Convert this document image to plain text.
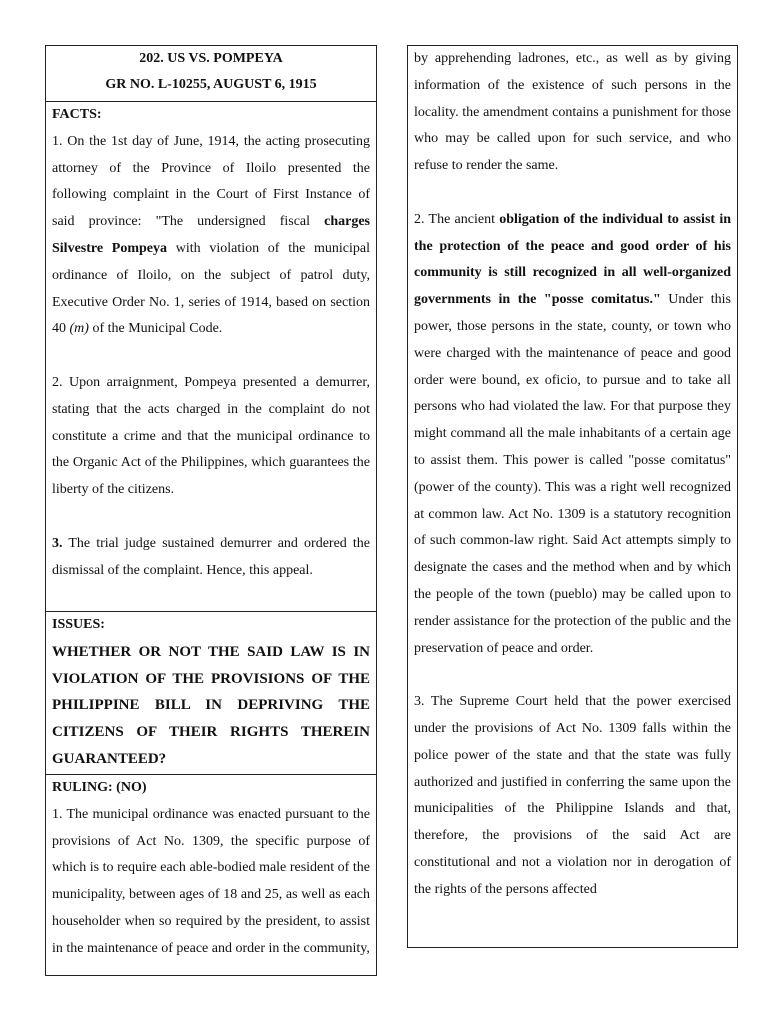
202. US VS. POMPEYA
GR NO. L-10255, AUGUST 6, 1915
FACTS:

1. On the 1st day of June, 1914, the acting prosecuting attorney of the Province of Iloilo presented the following complaint in the Court of First Instance of said province: "The undersigned fiscal charges Silvestre Pompeya with violation of the municipal ordinance of Iloilo, on the subject of patrol duty, Executive Order No. 1, series of 1914, based on section 40 (m) of the Municipal Code.

2. Upon arraignment, Pompeya presented a demurrer, stating that the acts charged in the complaint do not constitute a crime and that the municipal ordinance to the Organic Act of the Philippines, which guarantees the liberty of the citizens.

3. The trial judge sustained demurrer and ordered the dismissal of the complaint. Hence, this appeal.

ISSUES:
WHETHER OR NOT THE SAID LAW IS IN VIOLATION OF THE PROVISIONS OF THE PHILIPPINE BILL IN DEPRIVING THE CITIZENS OF THEIR RIGHTS THEREIN GUARANTEED?
RULING: (NO)

1. The municipal ordinance was enacted pursuant to the provisions of Act No. 1309, the specific purpose of which is to require each able-bodied male resident of the municipality, between ages of 18 and 25, as well as each householder when so required by the president, to assist in the maintenance of peace and order in the community,

by apprehending ladrones, etc., as well as by giving information of the existence of such persons in the locality. the amendment contains a punishment for those who may be called upon for such service, and who refuse to render the same.

2. The ancient obligation of the individual to assist in the protection of the peace and good order of his community is still recognized in all well-organized governments in the "posse comitatus." Under this power, those persons in the state, county, or town who were charged with the maintenance of peace and good order were bound, ex oficio, to pursue and to take all persons who had violated the law. For that purpose they might command all the male inhabitants of a certain age to assist them. This power is called "posse comitatus" (power of the county). This was a right well recognized at common law. Act No. 1309 is a statutory recognition of such common-law right. Said Act attempts simply to designate the cases and the method when and by which the people of the town (pueblo) may be called upon to render assistance for the protection of the public and the preservation of peace and order.

3. The Supreme Court held that the power exercised under the provisions of Act No. 1309 falls within the police power of the state and that the state was fully authorized and justified in conferring the same upon the municipalities of the Philippine Islands and that, therefore, the provisions of the said Act are constitutional and not a violation nor in derogation of the rights of the persons affected
